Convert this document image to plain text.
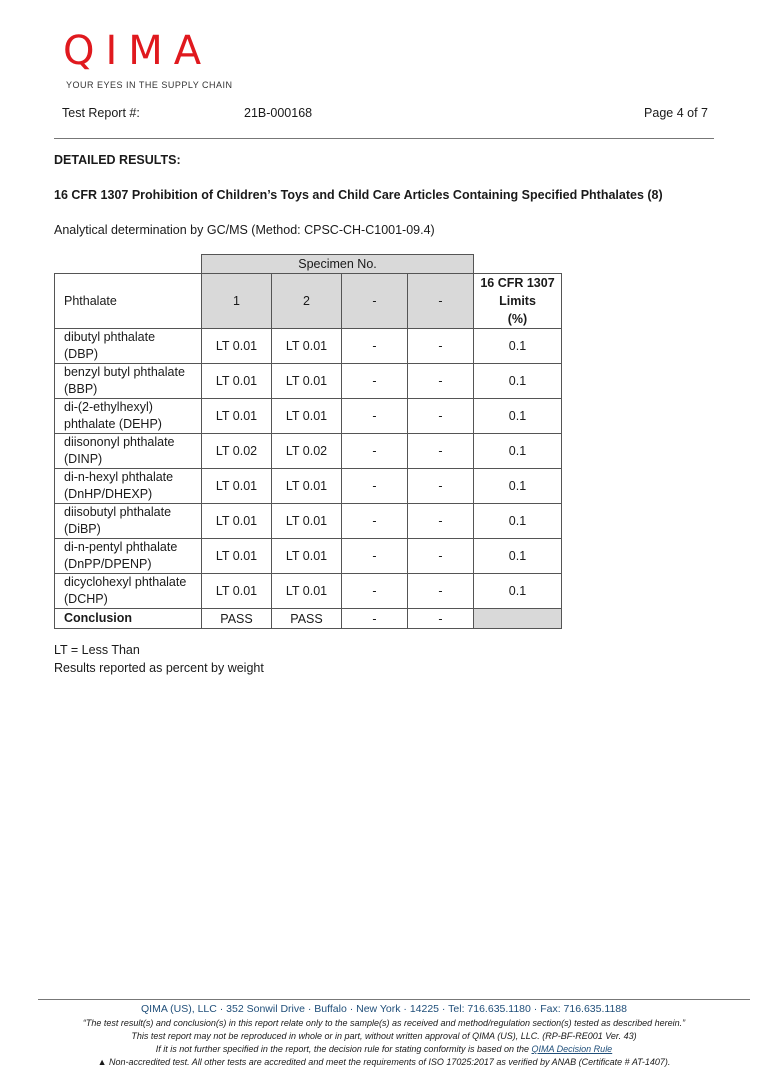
QIMA
YOUR EYES IN THE SUPPLY CHAIN
Test Report #:	21B-000168	Page 4 of 7
DETAILED RESULTS:
16 CFR 1307 Prohibition of Children’s Toys and Child Care Articles Containing Specified Phthalates (8)
Analytical determination by GC/MS (Method: CPSC-CH-C1001-09.4)
	Specimen No.				
Phthalate	1	2	-	-	16 CFR 1307
Limits
(%)

dibutyl phthalate
(DBP)	LT 0.01	LT 0.01	-	-	0.1

benzyl butyl phthalate
(BBP)	LT 0.01	LT 0.01	-	-	0.1

di-(2-ethylhexyl)
phthalate (DEHP)	LT 0.01	LT 0.01	-	-	0.1

diisononyl phthalate
(DINP)	LT 0.02	LT 0.02	-	-	0.1

di-n-hexyl phthalate
(DnHP/DHEXP)	LT 0.01	LT 0.01	-	-	0.1

diisobutyl phthalate
(DiBP)	LT 0.01	LT 0.01	-	-	0.1

di-n-pentyl phthalate
(DnPP/DPENP)	LT 0.01	LT 0.01	-	-	0.1

dicyclohexyl phthalate
(DCHP)	LT 0.01	LT 0.01	-	-	0.1
Conclusion	PASS	PASS	-	-	
LT = Less Than
Results reported as percent by weight
QIMA (US), LLC · 352 Sonwil Drive · Buffalo · New York · 14225 · Tel: 716.635.1180 · Fax: 716.635.1188
“The test result(s) and conclusion(s) in this report relate only to the sample(s) as received and method/regulation section(s) tested as described herein.”
This test report may not be reproduced in whole or in part, without written approval of QIMA (US), LLC. (RP-BF-RE001 Ver. 43)
If it is not further specified in the report, the decision rule for stating conformity is based on the QIMA Decision Rule
▲ Non-accredited test. All other tests are accredited and meet the requirements of ISO 17025:2017 as verified by ANAB (Certificate # AT-1407).
